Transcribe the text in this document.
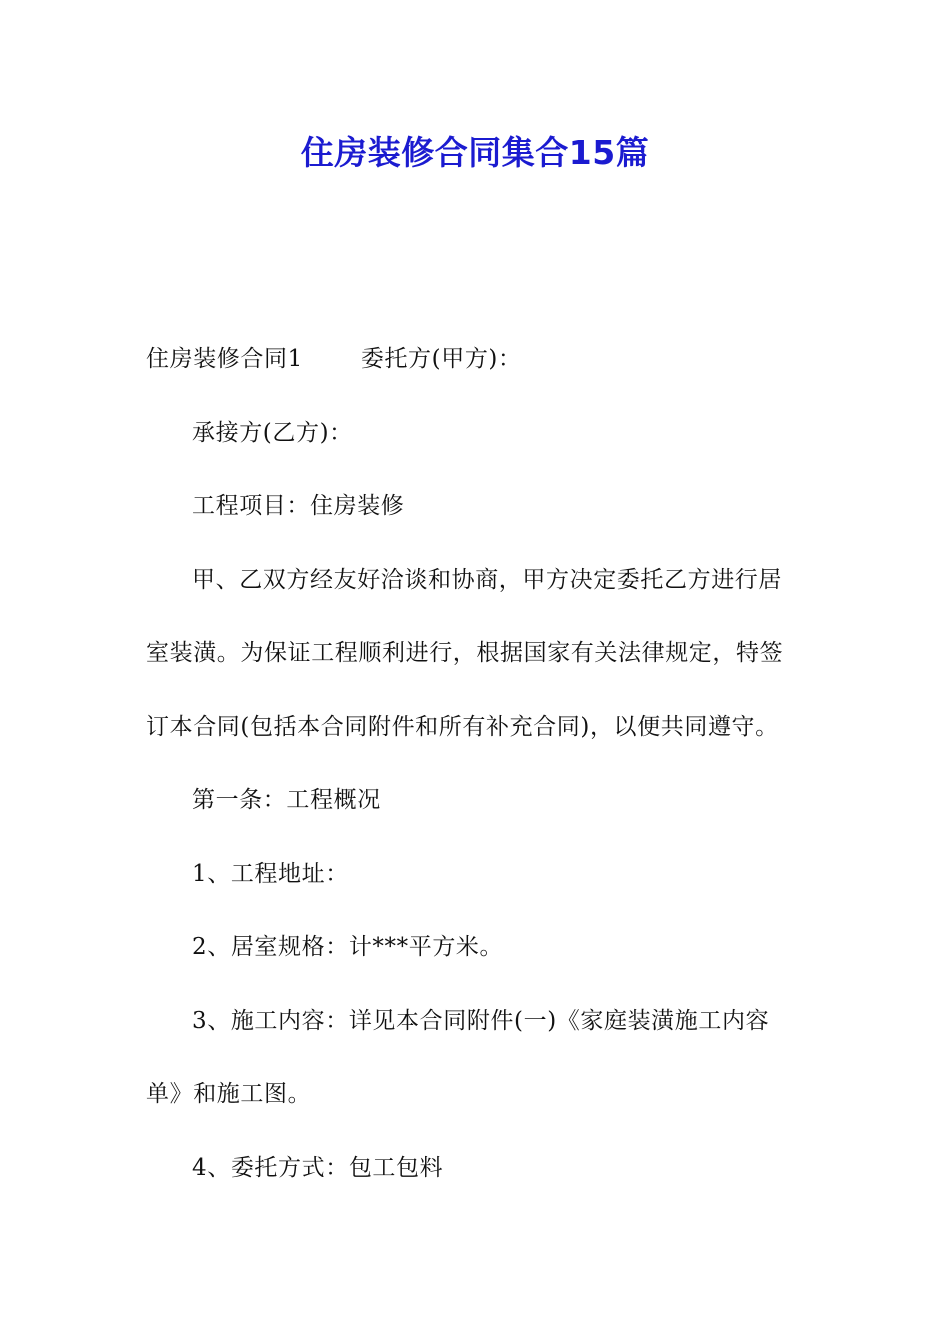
住房装修合同集合15篇
住房装修合同1	委托方(甲方)：
承接方(乙方)：
工程项目：住房装修
甲、乙双方经友好洽谈和协商，甲方决定委托乙方进行居
室装潢。为保证工程顺利进行，根据国家有关法律规定，特签
订本合同(包括本合同附件和所有补充合同)，以便共同遵守。
第一条：工程概况
1、工程地址：
2、居室规格：计***平方米。
3、施工内容：详见本合同附件(一)《家庭装潢施工内容
单》和施工图。
4、委托方式：包工包料
